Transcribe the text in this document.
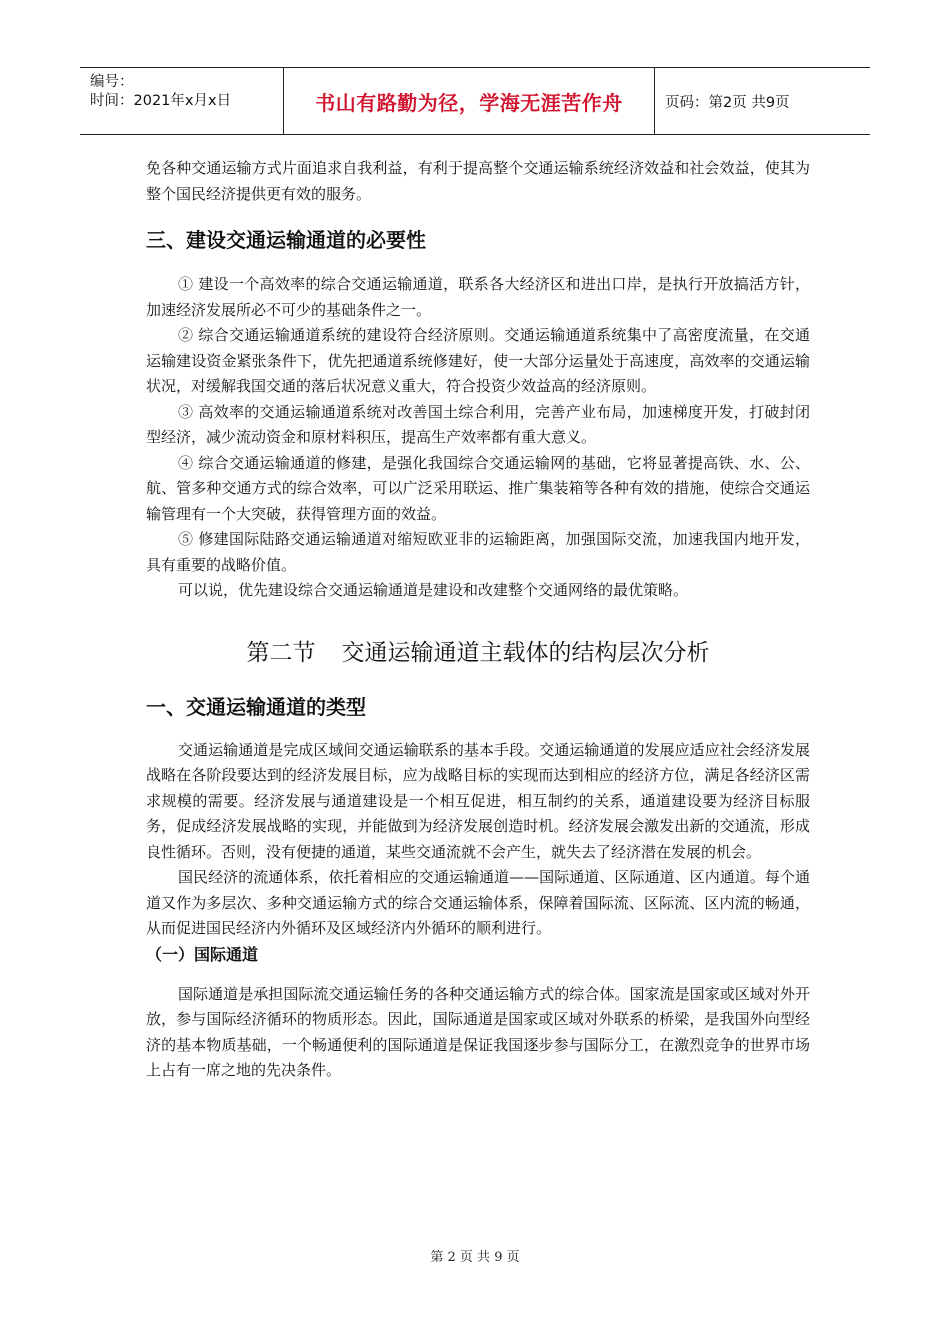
编号：
时间：2021年x月x日	书山有路勤为径，学海无涯苦作舟	页码：第2页 共9页

免各种交通运输方式片面追求自我利益，有利于提高整个交通运输系统经济效益和社会效益，使其为整个国民经济提供更有效的服务。

三、建设交通运输通道的必要性

① 建设一个高效率的综合交通运输通道，联系各大经济区和进出口岸，是执行开放搞活方针，加速经济发展所必不可少的基础条件之一。

② 综合交通运输通道系统的建设符合经济原则。交通运输通道系统集中了高密度流量，在交通运输建设资金紧张条件下，优先把通道系统修建好，使一大部分运量处于高速度，高效率的交通运输状况，对缓解我国交通的落后状况意义重大，符合投资少效益高的经济原则。

③ 高效率的交通运输通道系统对改善国土综合利用，完善产业布局，加速梯度开发，打破封闭型经济，减少流动资金和原材料积压，提高生产效率都有重大意义。

④ 综合交通运输通道的修建，是强化我国综合交通运输网的基础，它将显著提高铁、水、公、航、管多种交通方式的综合效率，可以广泛采用联运、推广集装箱等各种有效的措施，使综合交通运输管理有一个大突破，获得管理方面的效益。

⑤ 修建国际陆路交通运输通道对缩短欧亚非的运输距离，加强国际交流，加速我国内地开发，具有重要的战略价值。

可以说，优先建设综合交通运输通道是建设和改建整个交通网络的最优策略。

第二节 交通运输通道主载体的结构层次分析
一、交通运输通道的类型

交通运输通道是完成区域间交通运输联系的基本手段。交通运输通道的发展应适应社会经济发展战略在各阶段要达到的经济发展目标，应为战略目标的实现而达到相应的经济方位，满足各经济区需求规模的需要。经济发展与通道建设是一个相互促进，相互制约的关系，通道建设要为经济目标服务，促成经济发展战略的实现，并能做到为经济发展创造时机。经济发展会激发出新的交通流，形成良性循环。否则，没有便捷的通道，某些交通流就不会产生，就失去了经济潜在发展的机会。

国民经济的流通体系，依托着相应的交通运输通道——国际通道、区际通道、区内通道。每个通道又作为多层次、多种交通运输方式的综合交通运输体系，保障着国际流、区际流、区内流的畅通，从而促进国民经济内外循环及区域经济内外循环的顺利进行。

（一）国际通道

国际通道是承担国际流交通运输任务的各种交通运输方式的综合体。国家流是国家或区域对外开放，参与国际经济循环的物质形态。因此，国际通道是国家或区域对外联系的桥梁，是我国外向型经济的基本物质基础，一个畅通便利的国际通道是保证我国逐步参与国际分工，在激烈竞争的世界市场上占有一席之地的先决条件。

第 2 页 共 9 页
